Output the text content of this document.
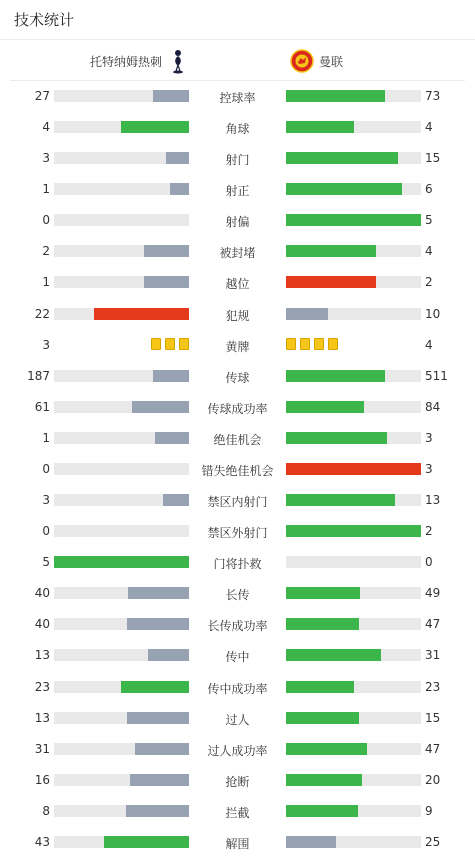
技术统计
托特纳姆热刺	曼联
27	控球率	73
4	角球	4
3	射门	15
1	射正	6
0	射偏	5
2	被封堵	4
1	越位	2
22	犯规	10
3	黄牌	4
187	传球	511
61	传球成功率	84
1	绝佳机会	3
0	错失绝佳机会	3
3	禁区内射门	13
0	禁区外射门	2
5	门将扑救	0
40	长传	49
40	长传成功率	47
13	传中	31
23	传中成功率	23
13	过人	15
31	过人成功率	47
16	抢断	20
8	拦截	9
43	解围	25
